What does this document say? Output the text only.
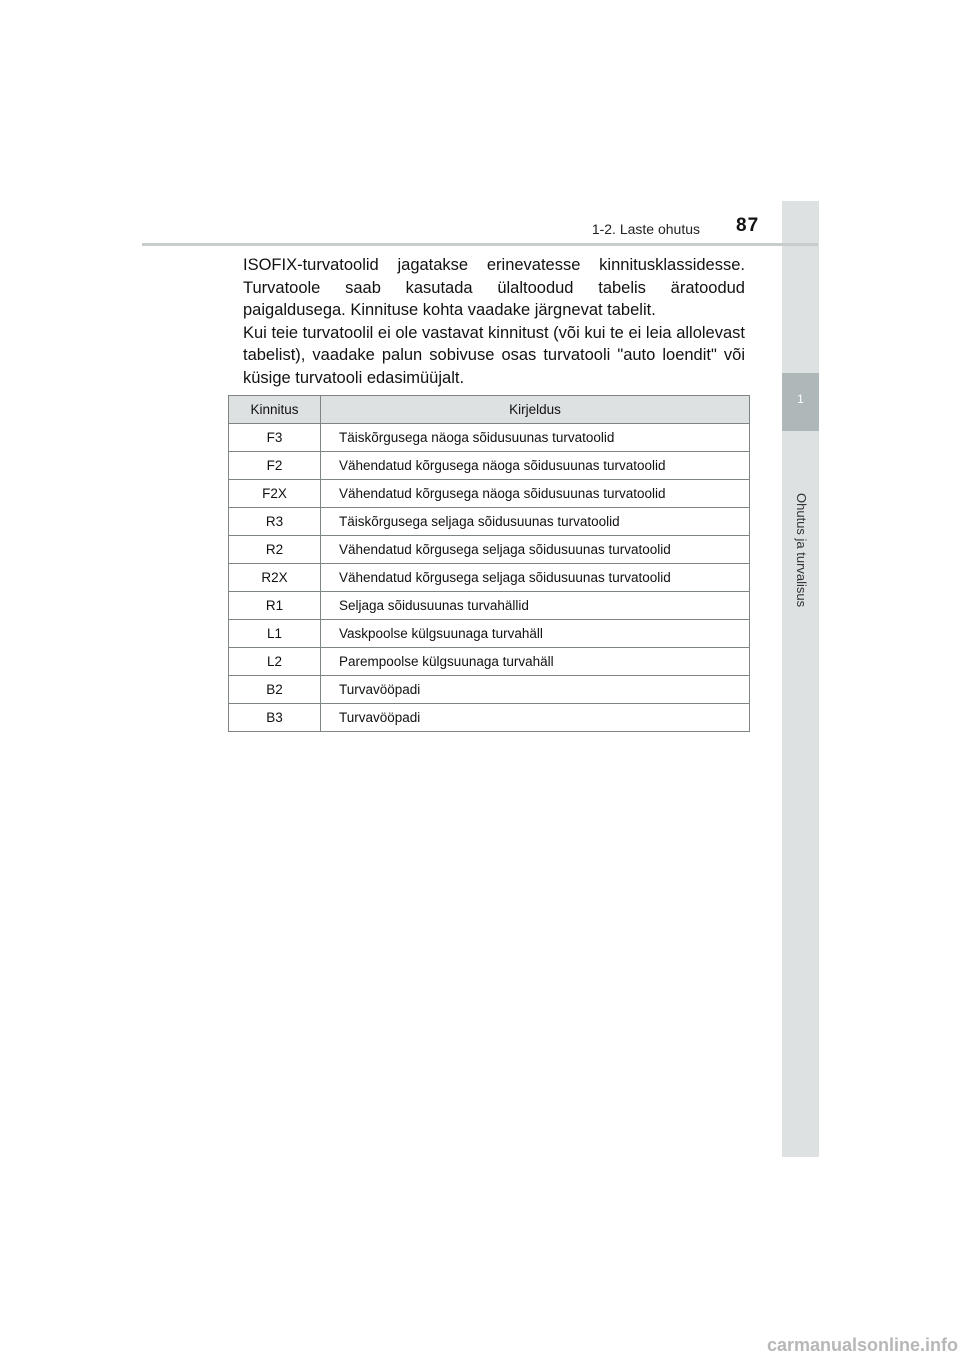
1
Ohutus ja turvalisus
1-2. Laste ohutus 87

ISOFIX-turvatoolid jagatakse erinevatesse kinnitusklassidesse. Turvatoole saab kasutada ülaltoodud tabelis äratoodud paigaldusega. Kinnituse kohta vaadake järgnevat tabelit.

Kui teie turvatoolil ei ole vastavat kinnitust (või kui te ei leia allolevast tabelist), vaadake palun sobivuse osas turvatooli "auto loendit" või küsige turvatooli edasimüüjalt.

Kinnitus	Kirjeldus
F3	Täiskõrgusega näoga sõidusuunas turvatoolid
F2	Vähendatud kõrgusega näoga sõidusuunas turvatoolid
F2X	Vähendatud kõrgusega näoga sõidusuunas turvatoolid
R3	Täiskõrgusega seljaga sõidusuunas turvatoolid
R2	Vähendatud kõrgusega seljaga sõidusuunas turvatoolid
R2X	Vähendatud kõrgusega seljaga sõidusuunas turvatoolid
R1	Seljaga sõidusuunas turvahällid
L1	Vaskpoolse külgsuunaga turvahäll
L2	Parempoolse külgsuunaga turvahäll
B2	Turvavööpadi
B3	Turvavööpadi
carmanualsonline.info
